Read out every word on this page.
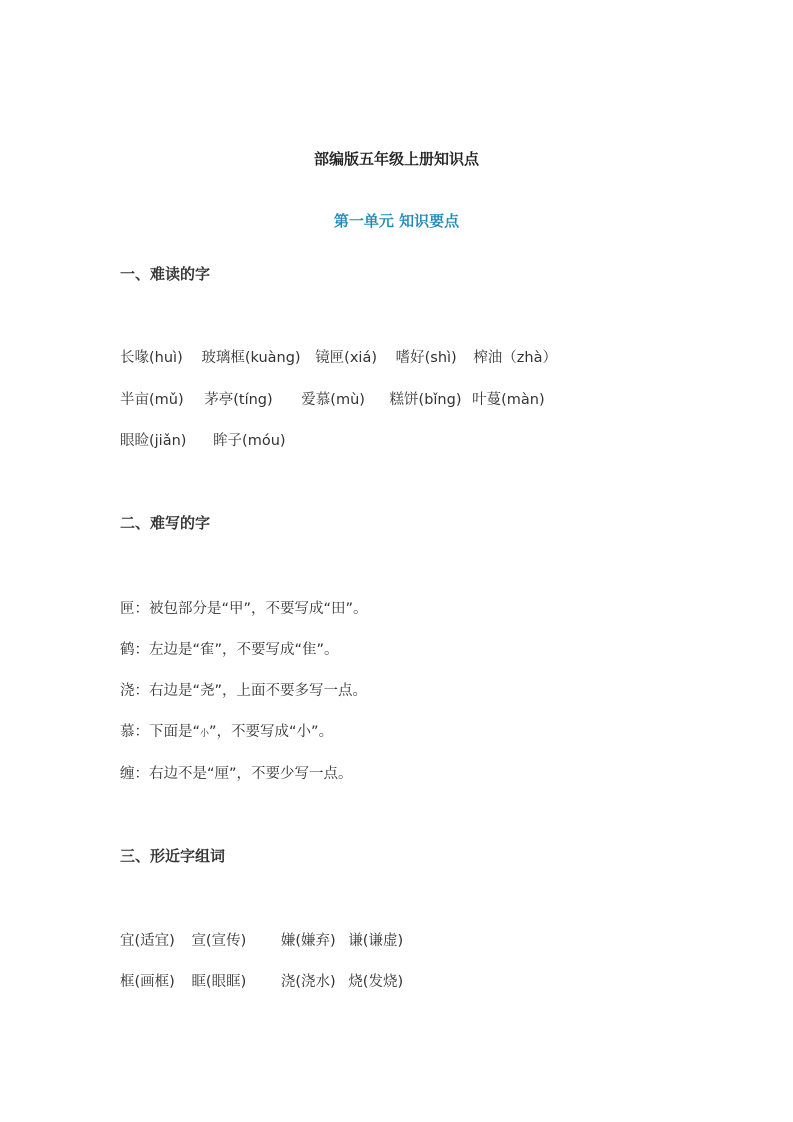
部编版五年级上册知识点
第一单元 知识要点
一、难读的字
长喙(huì) 玻璃框(kuàng) 镜匣(xiá) 嗜好(shì) 榨油（zhà）
半亩(mǔ) 茅亭(tíng) 爱慕(mù) 糕饼(bǐng) 叶蔓(màn)
眼睑(jiǎn) 眸子(móu)
二、难写的字
匣：被包部分是“甲”，不要写成“田”。
鹤：左边是“隺”，不要写成“隹”。
浇：右边是“尧”，上面不要多写一点。
慕：下面是“小”，不要写成“小”。
缠：右边不是“厘”，不要少写一点。
三、形近字组词
宜(适宜) 宣(宣传) 嫌(嫌弃) 谦(谦虚)
框(画框) 眶(眼眶) 浇(浇水) 烧(发烧)
